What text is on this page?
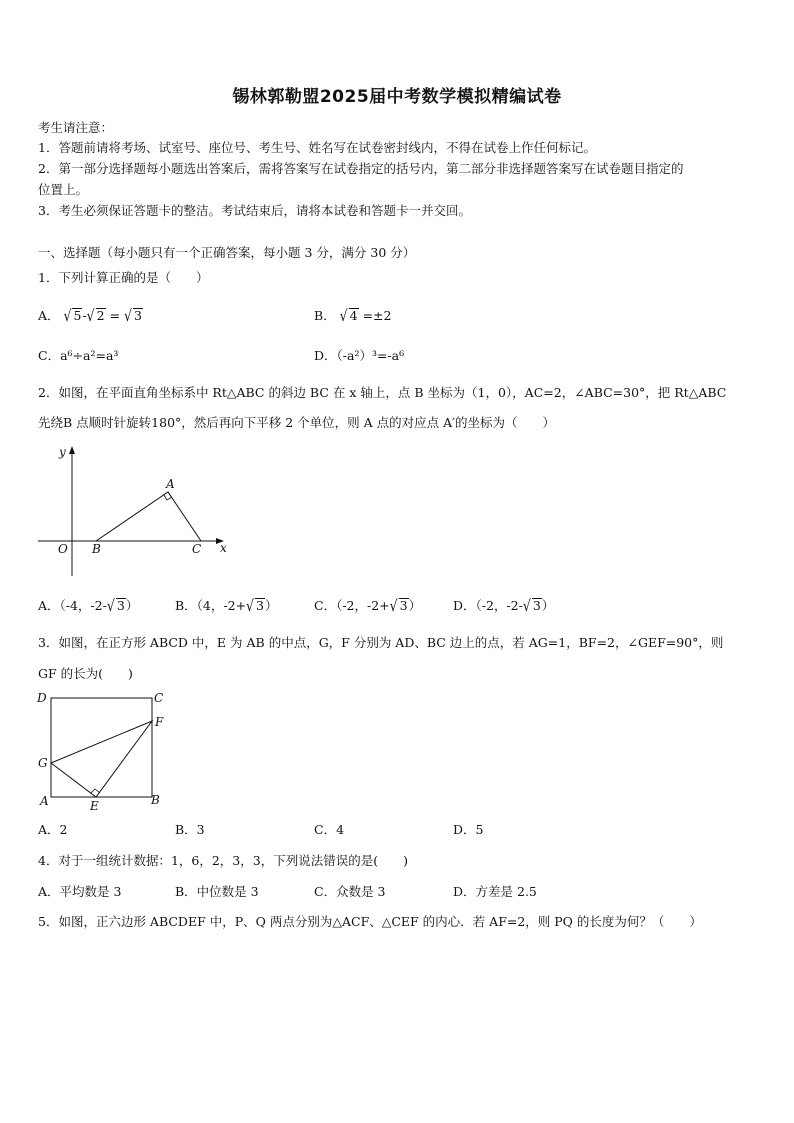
锡林郭勒盟2025届中考数学模拟精编试卷
考生请注意：
1．答题前请将考场、试室号、座位号、考生号、姓名写在试卷密封线内，不得在试卷上作任何标记。
2．第一部分选择题每小题选出答案后，需将答案写在试卷指定的括号内，第二部分非选择题答案写在试卷题目指定的
位置上。
3．考生必须保证答题卡的整洁。考试结束后，请将本试卷和答题卡一并交回。
一、选择题（每小题只有一个正确答案，每小题 3 分，满分 30 分）
1．下列计算正确的是（　　）
A． √ 5-√ 2 = √ 3	B． √ 4 =±2
C．a⁶÷a²=a³	D．（-a²）³=-a⁶
2．如图，在平面直角坐标系中 Rt△ABC 的斜边 BC 在 x 轴上，点 B 坐标为（1，0），AC=2，∠ABC=30°，把 Rt△ABC
先绕B 点顺时针旋转180°，然后再向下平移 2 个单位，则 A 点的对应点 A′的坐标为（　　）
y
x
O
A
B	C
A．（-4，-2-√ 3）	B．（4，-2+√ 3）	C．（-2，-2+√ 3）	D．（-2，-2-√ 3）
3．如图，在正方形 ABCD 中，E 为 AB 的中点，G，F 分别为 AD、BC 边上的点，若 AG=1，BF=2，∠GEF=90°，则
GF 的长为(　　)
D	C
F
G
A	E	B
A．2	B．3	C．4	D．5
4．对于一组统计数据：1，6，2，3，3，下列说法错误的是(　　)
A．平均数是 3	B．中位数是 3	C．众数是 3	D．方差是 2.5
5．如图，正六边形 ABCDEF 中，P、Q 两点分别为△ACF、△CEF 的内心．若 AF=2，则 PQ 的长度为何？（　　）
